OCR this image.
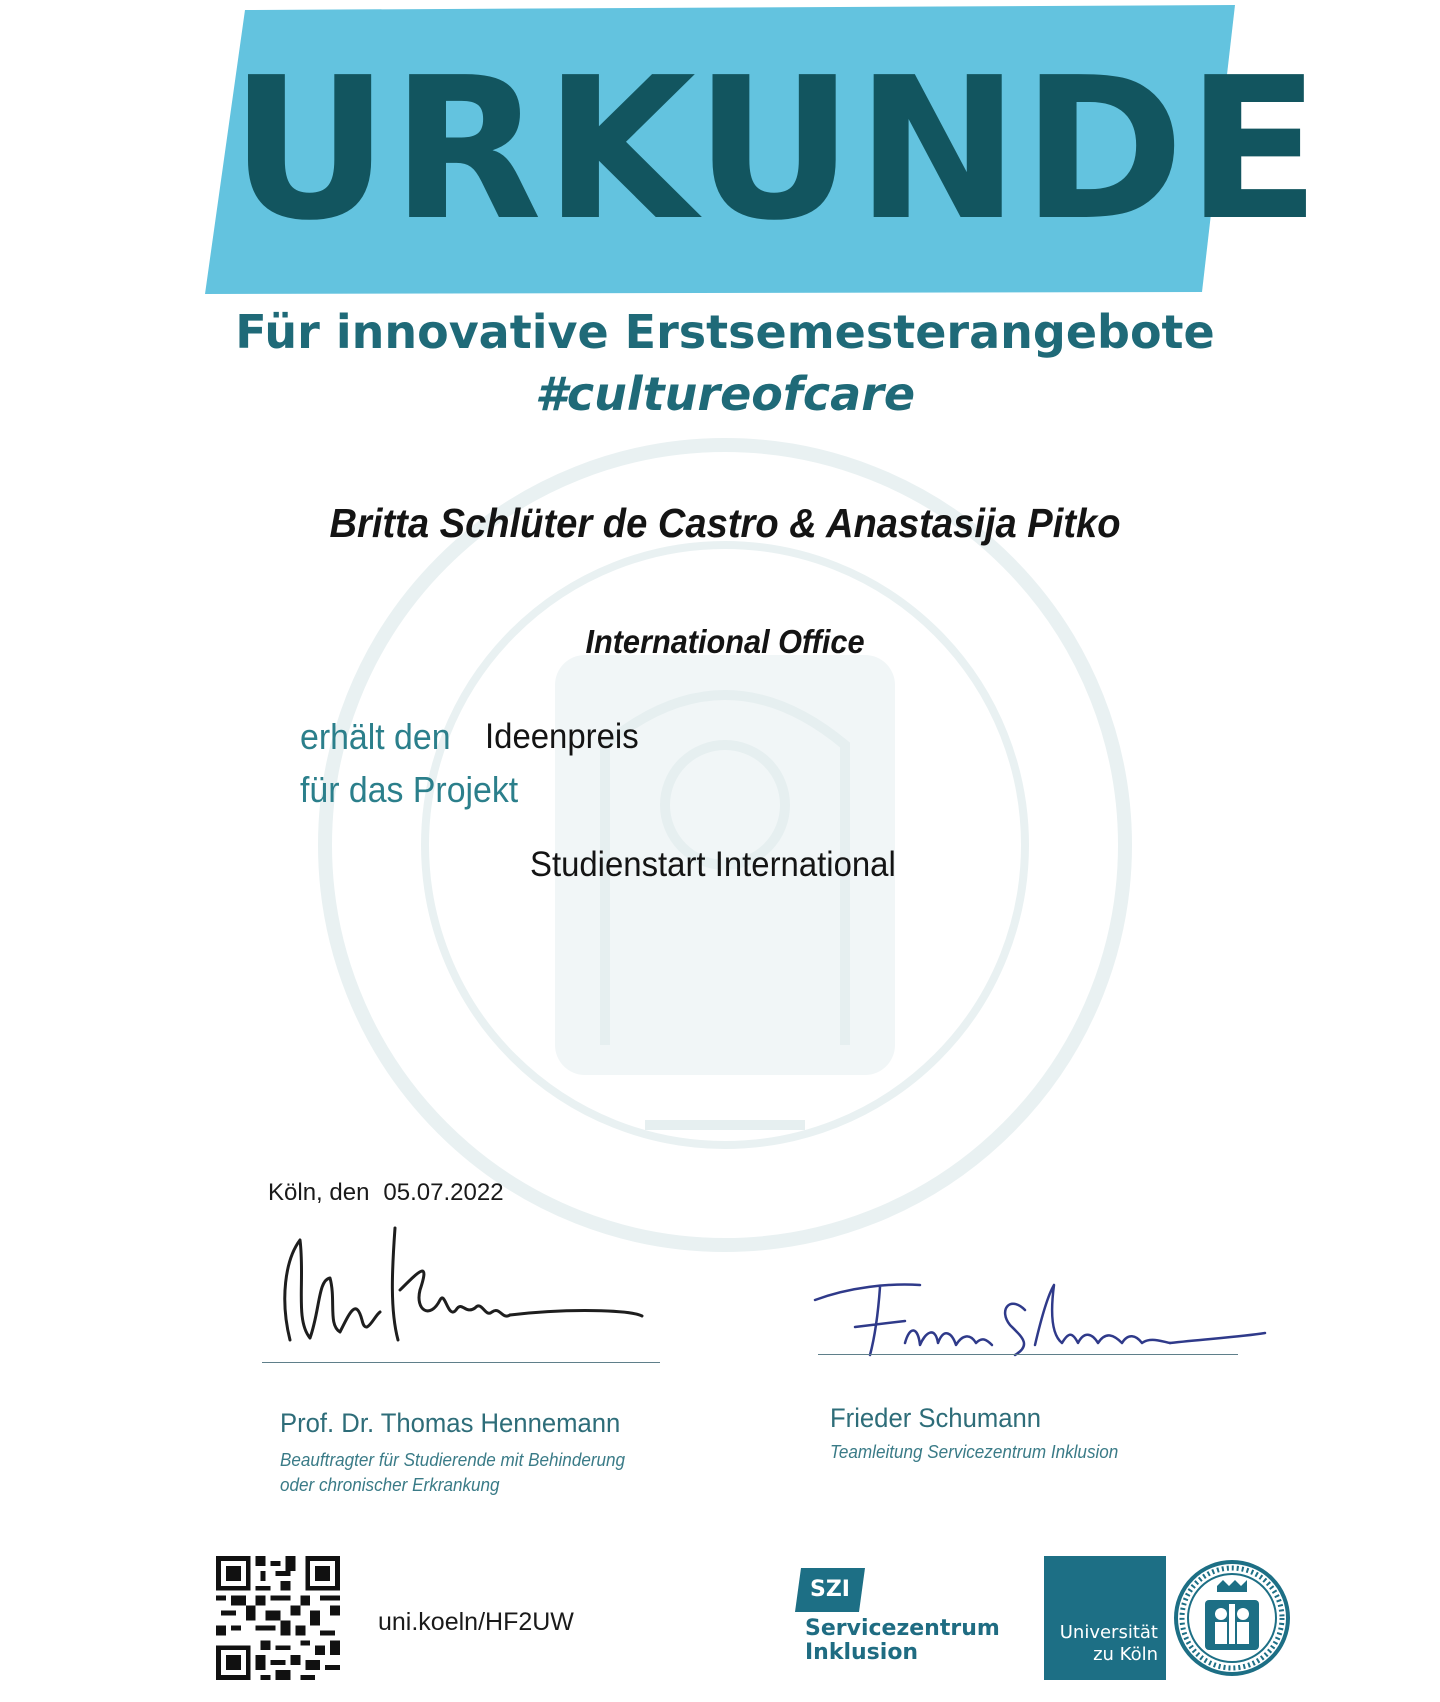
URKUNDE
Für innovative Erstsemesterangebote
#cultureofcare
Britta Schlüter de Castro & Anastasija Pitko
International Office
erhält den Ideenpreis
für das Projekt
Studienstart International
Köln, den 05.07.2022
Prof. Dr. Thomas Hennemann
Beauftragter für Studierende mit Behinderung
oder chronischer Erkrankung
Frieder Schumann
Teamleitung Servicezentrum Inklusion
uni.koeln/HF2UW
SZI
Servicezentrum
Inklusion
Universität
zu Köln
